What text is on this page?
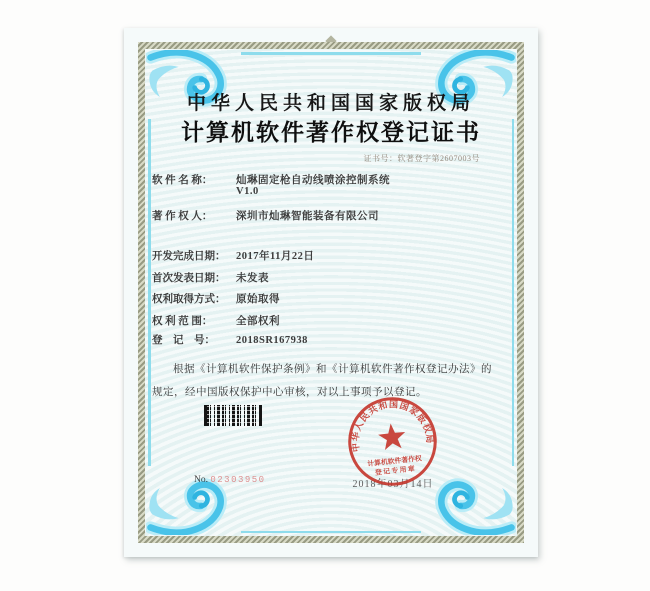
中华人民共和国国家版权局
计算机软件著作权登记证书
证书号：软著登字第2607003号
软 件 名 称： 灿琳固定枪自动线喷涂控制系统
V1.0
著 作 权 人： 深圳市灿琳智能装备有限公司
开发完成日期： 2017年11月22日
首次发表日期： 未发表
权利取得方式： 原始取得
权 利 范 围： 全部权利
登　记　号： 2018SR167938
根据《计算机软件保护条例》和《计算机软件著作权登记办法》的
规定，经中国版权保护中心审核，对以上事项予以登记。
No. 02303950	2018年03月14日
中华人民共和国国家版权局
计算机软件著作权
登记专用章
